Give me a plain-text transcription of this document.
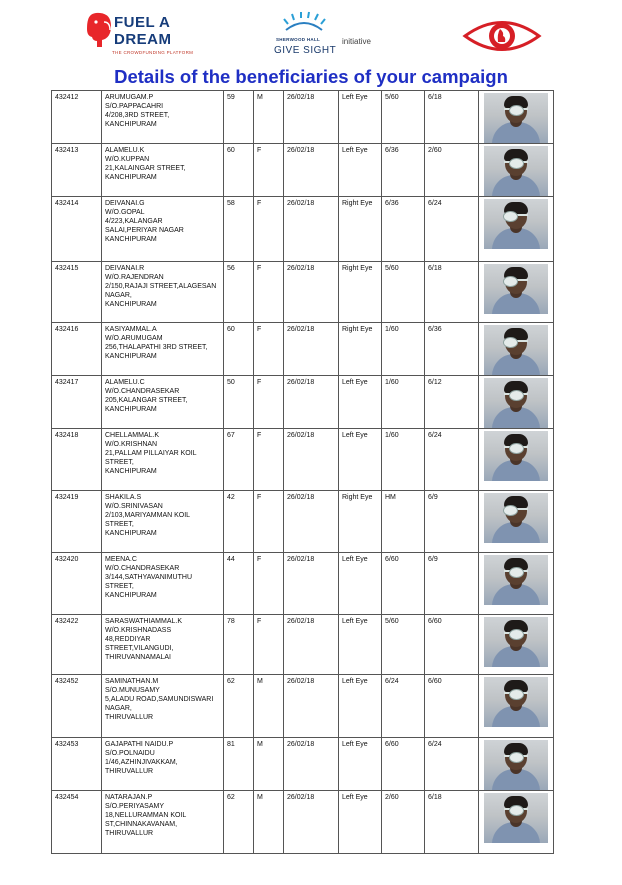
FUEL A
DREAM
THE CROWDFUNDING PLATFORM
SHERWOOD HALL
GIVE SIGHT
initiative
Details of the beneficiaries of your campaign
432412	ARUMUGAM.P
S/O.PAPPACAHRI
4/208,3RD STREET,
KANCHIPURAM	59	M	26/02/18	Left Eye	5/60	6/18	

432413	ALAMELU.K
W/O.KUPPAN
21,KALAINGAR STREET,
KANCHIPURAM	60	F	26/02/18	Left Eye	6/36	2/60	

432414	DEIVANAI.G
W/O.GOPAL
4/223,KALANGAR
SALAI,PERIYAR NAGAR
KANCHIPURAM	58	F	26/02/18	Right Eye	6/36	6/24	

432415	DEIVANAI.R
W/O.RAJENDRAN
2/150,RAJAJI STREET,ALAGESAN
NAGAR,
KANCHIPURAM	56	F	26/02/18	Right Eye	5/60	6/18	

432416	KASIYAMMAL.A
W/O.ARUMUGAM
256,THALAPATHI 3RD STREET,
KANCHIPURAM	60	F	26/02/18	Right Eye	1/60	6/36	

432417	ALAMELU.C
W/O.CHANDRASEKAR
205,KALANGAR STREET,
KANCHIPURAM	50	F	26/02/18	Left Eye	1/60	6/12	

432418	CHELLAMMAL.K
W/O.KRISHNAN
21,PALLAM PILLAIYAR KOIL
STREET,
KANCHIPURAM	67	F	26/02/18	Left Eye	1/60	6/24	

432419	SHAKILA.S
W/O.SRINIVASAN
2/103,MARIYAMMAN KOIL
STREET,
KANCHIPURAM	42	F	26/02/18	Right Eye	HM	6/9	

432420	MEENA.C
W/O.CHANDRASEKAR
3/144,SATHYAVANIMUTHU
STREET,
KANCHIPURAM	44	F	26/02/18	Left Eye	6/60	6/9	

432422	SARASWATHIAMMAL.K
W/O.KRISHNADASS
48,REDDIYAR
STREET,VILANGUDI,
THIRUVANNAMALAI	78	F	26/02/18	Left Eye	5/60	6/60	

432452	SAMINATHAN.M
S/O.MUNUSAMY
5,ALADU ROAD,SAMUNDISWARI
NAGAR,
THIRUVALLUR	62	M	26/02/18	Left Eye	6/24	6/60	

432453	GAJAPATHI NAIDU.P
S/O.POLNAIDU
1/46,AZHINJIVAKKAM,
THIRUVALLUR	81	M	26/02/18	Left Eye	6/60	6/24	

432454	NATARAJAN.P
S/O.PERIYASAMY
18,NELLURAMMAN KOIL
ST,CHINNAKAVANAM,
THIRUVALLUR	62	M	26/02/18	Left Eye	2/60	6/18	
